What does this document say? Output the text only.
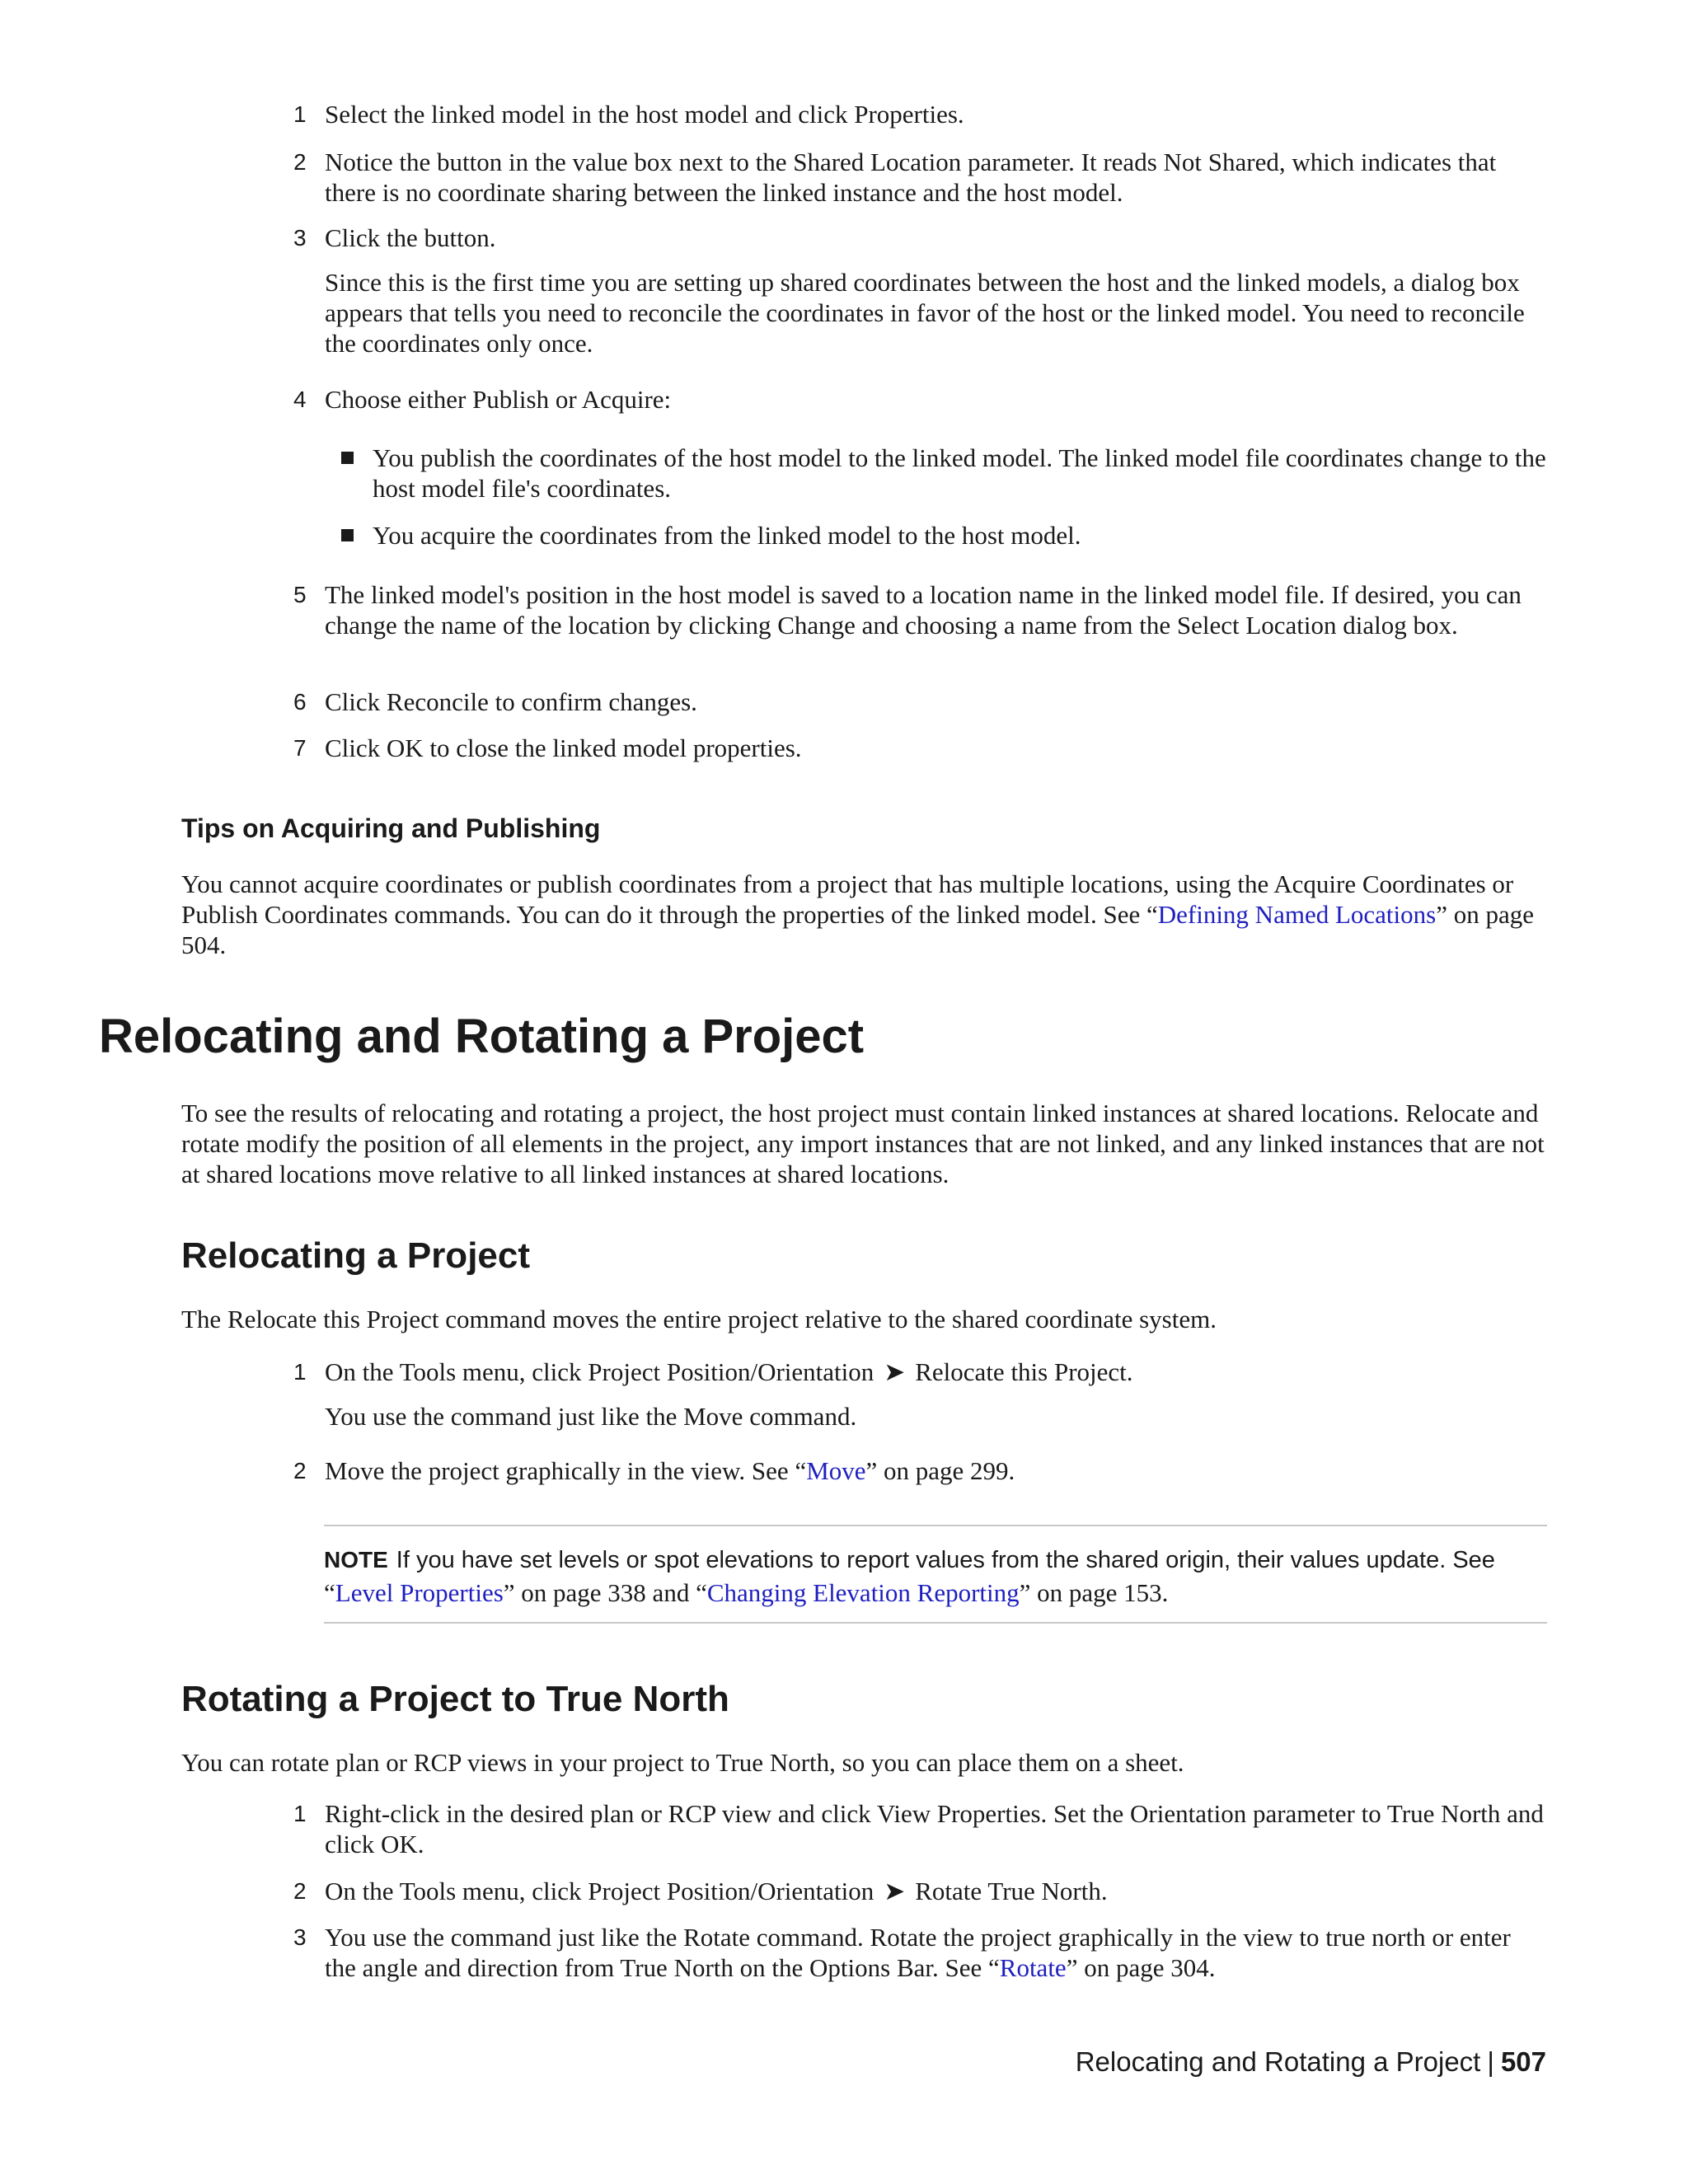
1 Select the linked model in the host model and click Properties.
2 Notice the button in the value box next to the Shared Location parameter. It reads Not Shared, which indicates that there is no coordinate sharing between the linked instance and the host model.
3 Click the button.
Since this is the first time you are setting up shared coordinates between the host and the linked models, a dialog box appears that tells you need to reconcile the coordinates in favor of the host or the linked model. You need to reconcile the coordinates only once.
4 Choose either Publish or Acquire:
You publish the coordinates of the host model to the linked model. The linked model file coordinates change to the host model file's coordinates.
You acquire the coordinates from the linked model to the host model.
5 The linked model's position in the host model is saved to a location name in the linked model file. If desired, you can change the name of the location by clicking Change and choosing a name from the Select Location dialog box.
6 Click Reconcile to confirm changes.
7 Click OK to close the linked model properties.
Tips on Acquiring and Publishing
You cannot acquire coordinates or publish coordinates from a project that has multiple locations, using the Acquire Coordinates or Publish Coordinates commands. You can do it through the properties of the linked model. See “Defining Named Locations” on page 504.
Relocating and Rotating a Project
To see the results of relocating and rotating a project, the host project must contain linked instances at shared locations. Relocate and rotate modify the position of all elements in the project, any import instances that are not linked, and any linked instances that are not at shared locations move relative to all linked instances at shared locations.
Relocating a Project
The Relocate this Project command moves the entire project relative to the shared coordinate system.
1 On the Tools menu, click Project Position/Orientation ➤ Relocate this Project.
You use the command just like the Move command.
2 Move the project graphically in the view. See “Move” on page 299.
NOTE If you have set levels or spot elevations to report values from the shared origin, their values update. See
“Level Properties” on page 338 and “Changing Elevation Reporting” on page 153.
Rotating a Project to True North
You can rotate plan or RCP views in your project to True North, so you can place them on a sheet.
1 Right-click in the desired plan or RCP view and click View Properties. Set the Orientation parameter to True North and click OK.
2 On the Tools menu, click Project Position/Orientation ➤ Rotate True North.
3 You use the command just like the Rotate command. Rotate the project graphically in the view to true north or enter the angle and direction from True North on the Options Bar. See “Rotate” on page 304.
Relocating and Rotating a Project | 507
